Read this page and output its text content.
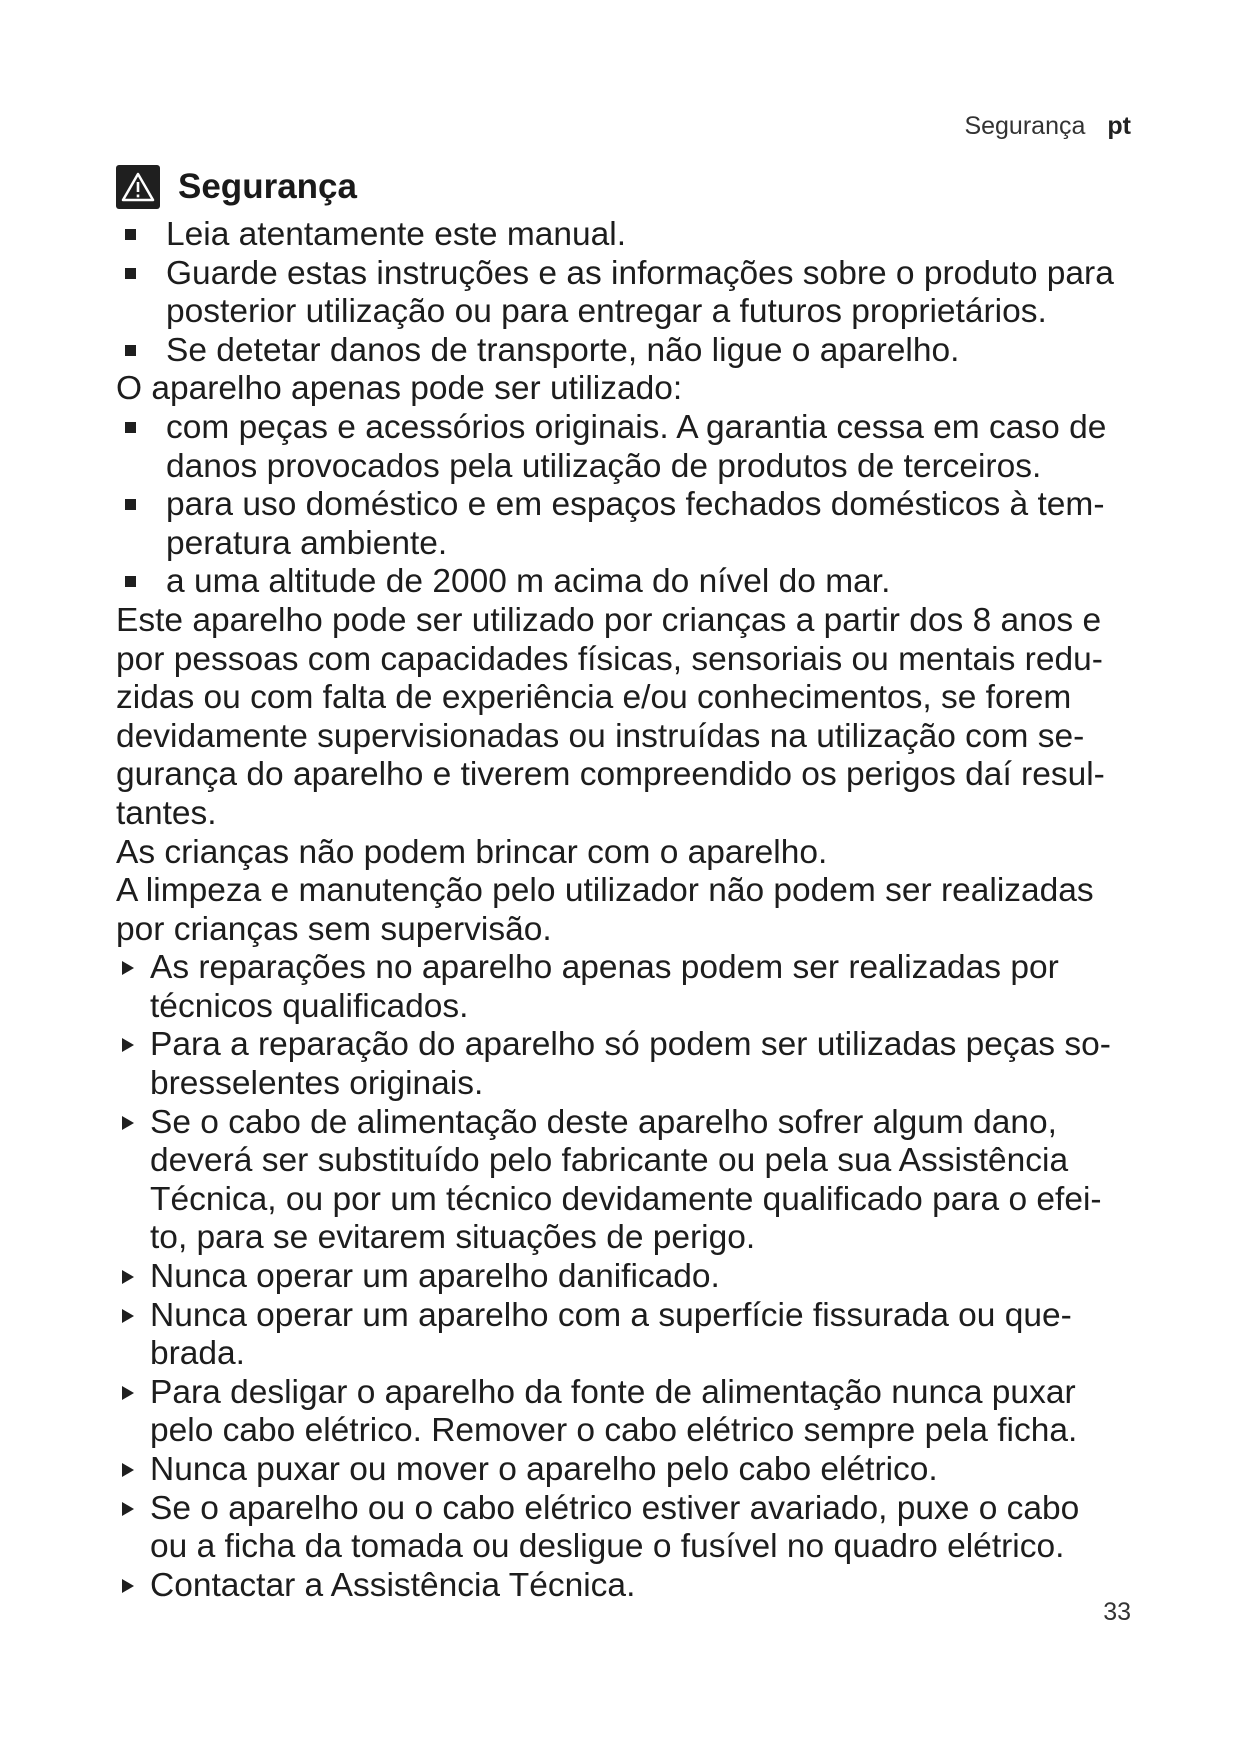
Segurança pt
Segurança
Leia atentamente este manual.
Guarde estas instruções e as informações sobre o produto para
posterior utilização ou para entregar a futuros proprietários.
Se detetar danos de transporte, não ligue o aparelho.

O aparelho apenas pode ser utilizado:

com peças e acessórios originais. A garantia cessa em caso de
danos provocados pela utilização de produtos de terceiros.
para uso doméstico e em espaços fechados domésticos à tem-
peratura ambiente.
a uma altitude de 2000 m acima do nível do mar.

Este aparelho pode ser utilizado por crianças a partir dos 8 anos e
por pessoas com capacidades físicas, sensoriais ou mentais redu-
zidas ou com falta de experiência e/ou conhecimentos, se forem
devidamente supervisionadas ou instruídas na utilização com se-
gurança do aparelho e tiverem compreendido os perigos daí resul-
tantes.

As crianças não podem brincar com o aparelho.

A limpeza e manutenção pelo utilizador não podem ser realizadas
por crianças sem supervisão.

As reparações no aparelho apenas podem ser realizadas por
técnicos qualificados.
Para a reparação do aparelho só podem ser utilizadas peças so-
bresselentes originais.
Se o cabo de alimentação deste aparelho sofrer algum dano,
deverá ser substituído pelo fabricante ou pela sua Assistência
Técnica, ou por um técnico devidamente qualificado para o efei-
to, para se evitarem situações de perigo.
Nunca operar um aparelho danificado.
Nunca operar um aparelho com a superfície fissurada ou que-
brada.
Para desligar o aparelho da fonte de alimentação nunca puxar
pelo cabo elétrico. Remover o cabo elétrico sempre pela ficha.
Nunca puxar ou mover o aparelho pelo cabo elétrico.
Se o aparelho ou o cabo elétrico estiver avariado, puxe o cabo
ou a ficha da tomada ou desligue o fusível no quadro elétrico.
Contactar a Assistência Técnica.
33
